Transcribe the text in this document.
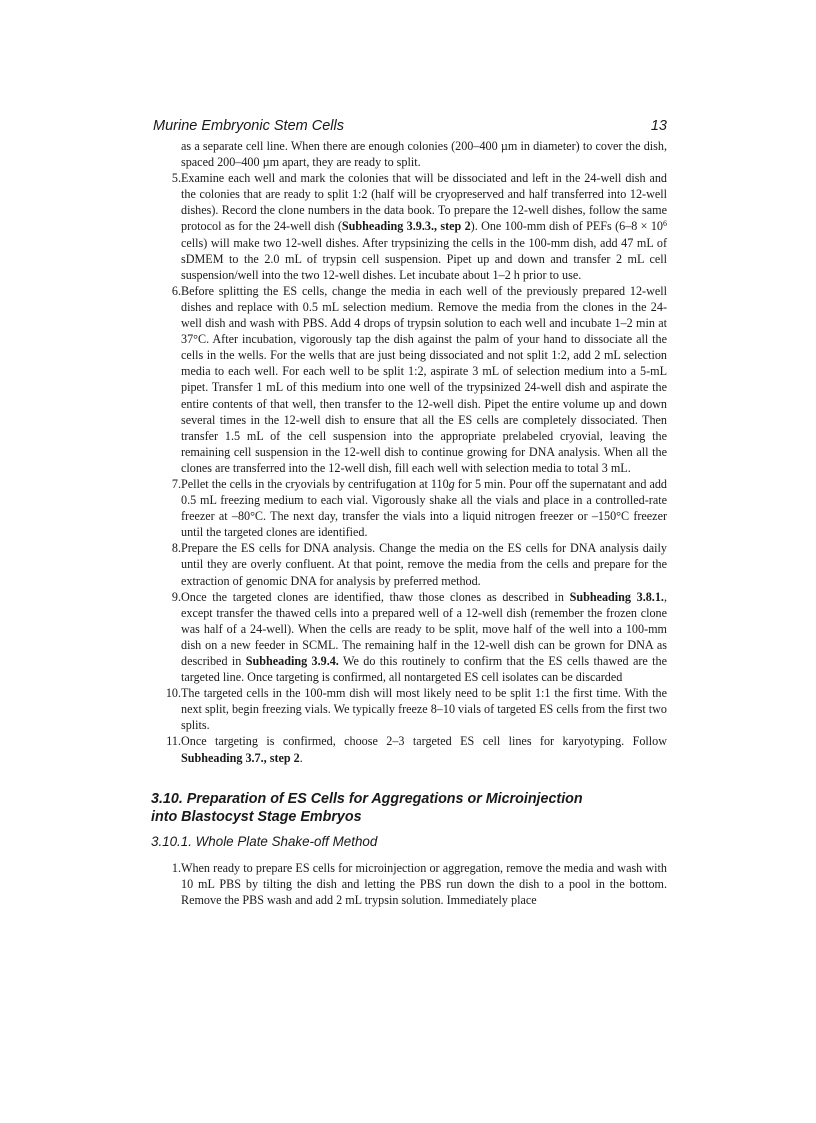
Murine Embryonic Stem Cells	13
as a separate cell line. When there are enough colonies (200–400 µm in diameter) to cover the dish, spaced 200–400 µm apart, they are ready to split.
5. Examine each well and mark the colonies that will be dissociated and left in the 24-well dish and the colonies that are ready to split 1:2 (half will be cryopreserved and half transferred into 12-well dishes). Record the clone numbers in the data book. To prepare the 12-well dishes, follow the same protocol as for the 24-well dish (Subheading 3.9.3., step 2). One 100-mm dish of PEFs ($6-8 \times 10^6$ cells) will make two 12-well dishes. After trypsinizing the cells in the 100-mm dish, add 47 mL of sDMEM to the 2.0 mL of trypsin cell suspension. Pipet up and down and transfer 2 mL cell suspension/well into the two 12-well dishes. Let incubate about 1–2 h prior to use.
6. Before splitting the ES cells, change the media in each well of the previously prepared 12-well dishes and replace with 0.5 mL selection medium. Remove the media from the clones in the 24-well dish and wash with PBS. Add 4 drops of trypsin solution to each well and incubate 1–2 min at 37°C. After incubation, vigorously tap the dish against the palm of your hand to dissociate all the cells in the wells. For the wells that are just being dissociated and not split 1:2, add 2 mL selection media to each well. For each well to be split 1:2, aspirate 3 mL of selection medium into a 5-mL pipet. Transfer 1 mL of this medium into one well of the trypsinized 24-well dish and aspirate the entire contents of that well, then transfer to the 12-well dish. Pipet the entire volume up and down several times in the 12-well dish to ensure that all the ES cells are completely dissociated. Then transfer 1.5 mL of the cell suspension into the appropriate prelabeled cryovial, leaving the remaining cell suspension in the 12-well dish to continue growing for DNA analysis. When all the clones are transferred into the 12-well dish, fill each well with selection media to total 3 mL.
7. Pellet the cells in the cryovials by centrifugation at 110g for 5 min. Pour off the supernatant and add 0.5 mL freezing medium to each vial. Vigorously shake all the vials and place in a controlled-rate freezer at –80°C. The next day, transfer the vials into a liquid nitrogen freezer or –150°C freezer until the targeted clones are identified.
8. Prepare the ES cells for DNA analysis. Change the media on the ES cells for DNA analysis daily until they are overly confluent. At that point, remove the media from the cells and prepare for the extraction of genomic DNA for analysis by preferred method.
9. Once the targeted clones are identified, thaw those clones as described in Subheading 3.8.1., except transfer the thawed cells into a prepared well of a 12-well dish (remember the frozen clone was half of a 24-well). When the cells are ready to be split, move half of the well into a 100-mm dish on a new feeder in SCML. The remaining half in the 12-well dish can be grown for DNA as described in Subheading 3.9.4. We do this routinely to confirm that the ES cells thawed are the targeted line. Once targeting is confirmed, all nontargeted ES cell isolates can be discarded
10. The targeted cells in the 100-mm dish will most likely need to be split 1:1 the first time. With the next split, begin freezing vials. We typically freeze 8–10 vials of targeted ES cells from the first two splits.
11. Once targeting is confirmed, choose 2–3 targeted ES cell lines for karyotyping. Follow Subheading 3.7., step 2.
3.10. Preparation of ES Cells for Aggregations or Microinjection
into Blastocyst Stage Embryos
3.10.1. Whole Plate Shake-off Method
1. When ready to prepare ES cells for microinjection or aggregation, remove the media and wash with 10 mL PBS by tilting the dish and letting the PBS run down the dish to a pool in the bottom. Remove the PBS wash and add 2 mL trypsin solution. Immediately place
